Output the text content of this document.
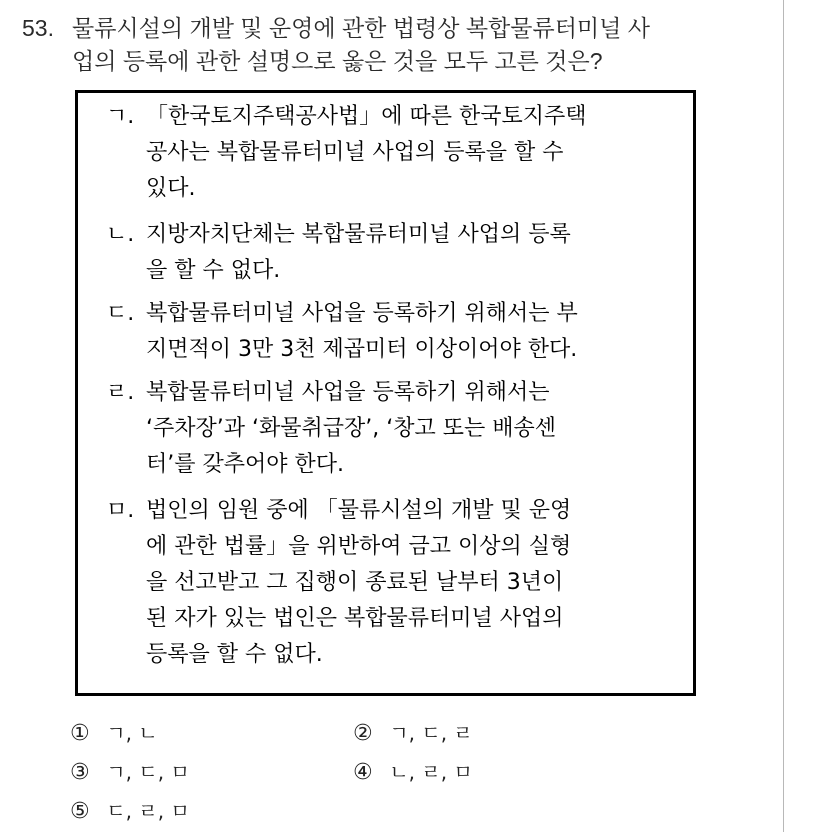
53. 물류시설의 개발 및 운영에 관한 법령상 복합물류터미널 사
업의 등록에 관한 설명으로 옳은 것을 모두 고른 것은?
ㄱ. 「한국토지주택공사법」에 따른 한국토지주택
공사는 복합물류터미널 사업의 등록을 할 수
있다.
ㄴ. 지방자치단체는 복합물류터미널 사업의 등록
을 할 수 없다.
ㄷ. 복합물류터미널 사업을 등록하기 위해서는 부
지면적이 3만 3천 제곱미터 이상이어야 한다.
ㄹ. 복합물류터미널 사업을 등록하기 위해서는
‘주차장’과 ‘화물취급장’, ‘창고 또는 배송센
터’를 갖추어야 한다.
ㅁ. 법인의 임원 중에 「물류시설의 개발 및 운영
에 관한 법률」을 위반하여 금고 이상의 실형
을 선고받고 그 집행이 종료된 날부터 3년이
된 자가 있는 법인은 복합물류터미널 사업의
등록을 할 수 없다.
① ㄱ, ㄴ	② ㄱ, ㄷ, ㄹ
③ ㄱ, ㄷ, ㅁ	④ ㄴ, ㄹ, ㅁ
⑤ ㄷ, ㄹ, ㅁ
